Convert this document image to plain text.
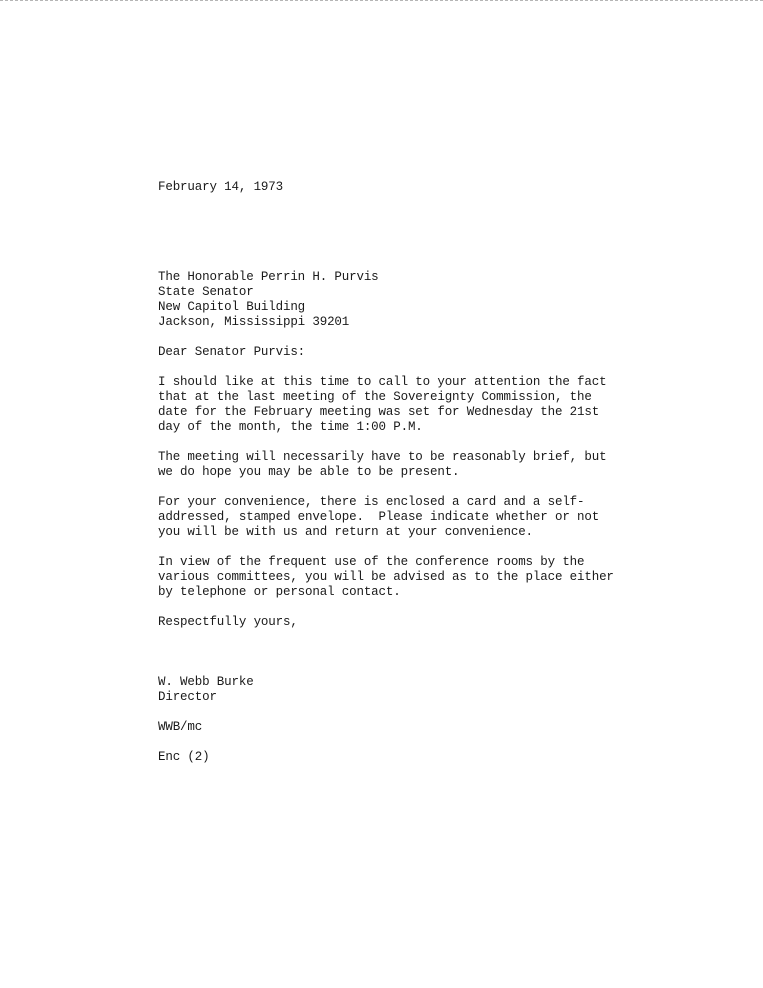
February 14, 1973
The Honorable Perrin H. Purvis
State Senator
New Capitol Building
Jackson, Mississippi 39201
Dear Senator Purvis:
I should like at this time to call to your attention the fact
that at the last meeting of the Sovereignty Commission, the
date for the February meeting was set for Wednesday the 21st
day of the month, the time 1:00 P.M.
The meeting will necessarily have to be reasonably brief, but
we do hope you may be able to be present.
For your convenience, there is enclosed a card and a self-
addressed, stamped envelope.  Please indicate whether or not
you will be with us and return at your convenience.
In view of the frequent use of the conference rooms by the
various committees, you will be advised as to the place either
by telephone or personal contact.
Respectfully yours,
W. Webb Burke
Director
WWB/mc
Enc (2)
